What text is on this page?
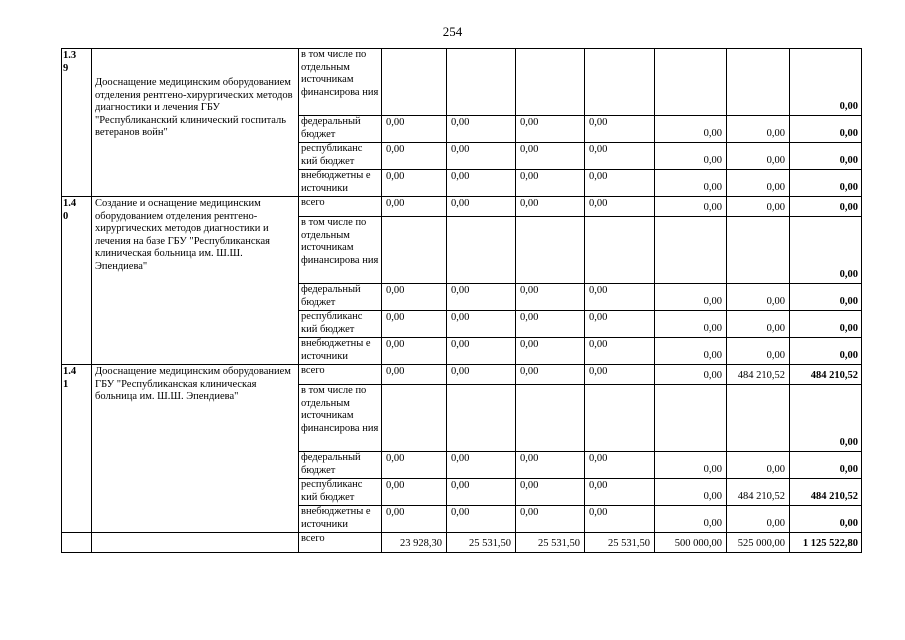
254
1.3
9	Дооснащение медицинским оборудованием отделения рентгено-хирургических методов диагностики и лечения ГБУ "Республиканский клинический госпиталь ветеранов войн"	в том числе по отдельным источникам финансирова ния							0,00
		федеральный бюджет	0,00	0,00	0,00	0,00	0,00	0,00	0,00
		республиканс кий бюджет	0,00	0,00	0,00	0,00	0,00	0,00	0,00
		внебюджетны е источники	0,00	0,00	0,00	0,00	0,00	0,00	0,00

1.4
0	Создание и оснащение медицинским оборудованием отделения рентгено-хирургических методов диагностики и лечения на базе ГБУ "Республиканская клиническая больница им. Ш.Ш. Эпендиева"	всего	0,00	0,00	0,00	0,00	0,00	0,00	0,00
		в том числе по отдельным источникам финансирова ния							0,00
		федеральный бюджет	0,00	0,00	0,00	0,00	0,00	0,00	0,00
		республиканс кий бюджет	0,00	0,00	0,00	0,00	0,00	0,00	0,00
		внебюджетны е источники	0,00	0,00	0,00	0,00	0,00	0,00	0,00

1.4
1	Дооснащение медицинским оборудованием ГБУ "Республиканская клиническая больница им. Ш.Ш. Эпендиева"	всего	0,00	0,00	0,00	0,00	0,00	484 210,52	484 210,52
		в том числе по отдельным источникам финансирова ния							0,00
		федеральный бюджет	0,00	0,00	0,00	0,00	0,00	0,00	0,00
		республиканс кий бюджет	0,00	0,00	0,00	0,00	0,00	484 210,52	484 210,52
		внебюджетны е источники	0,00	0,00	0,00	0,00	0,00	0,00	0,00
		всего	23 928,30	25 531,50	25 531,50	25 531,50	500 000,00	525 000,00	1 125 522,80
